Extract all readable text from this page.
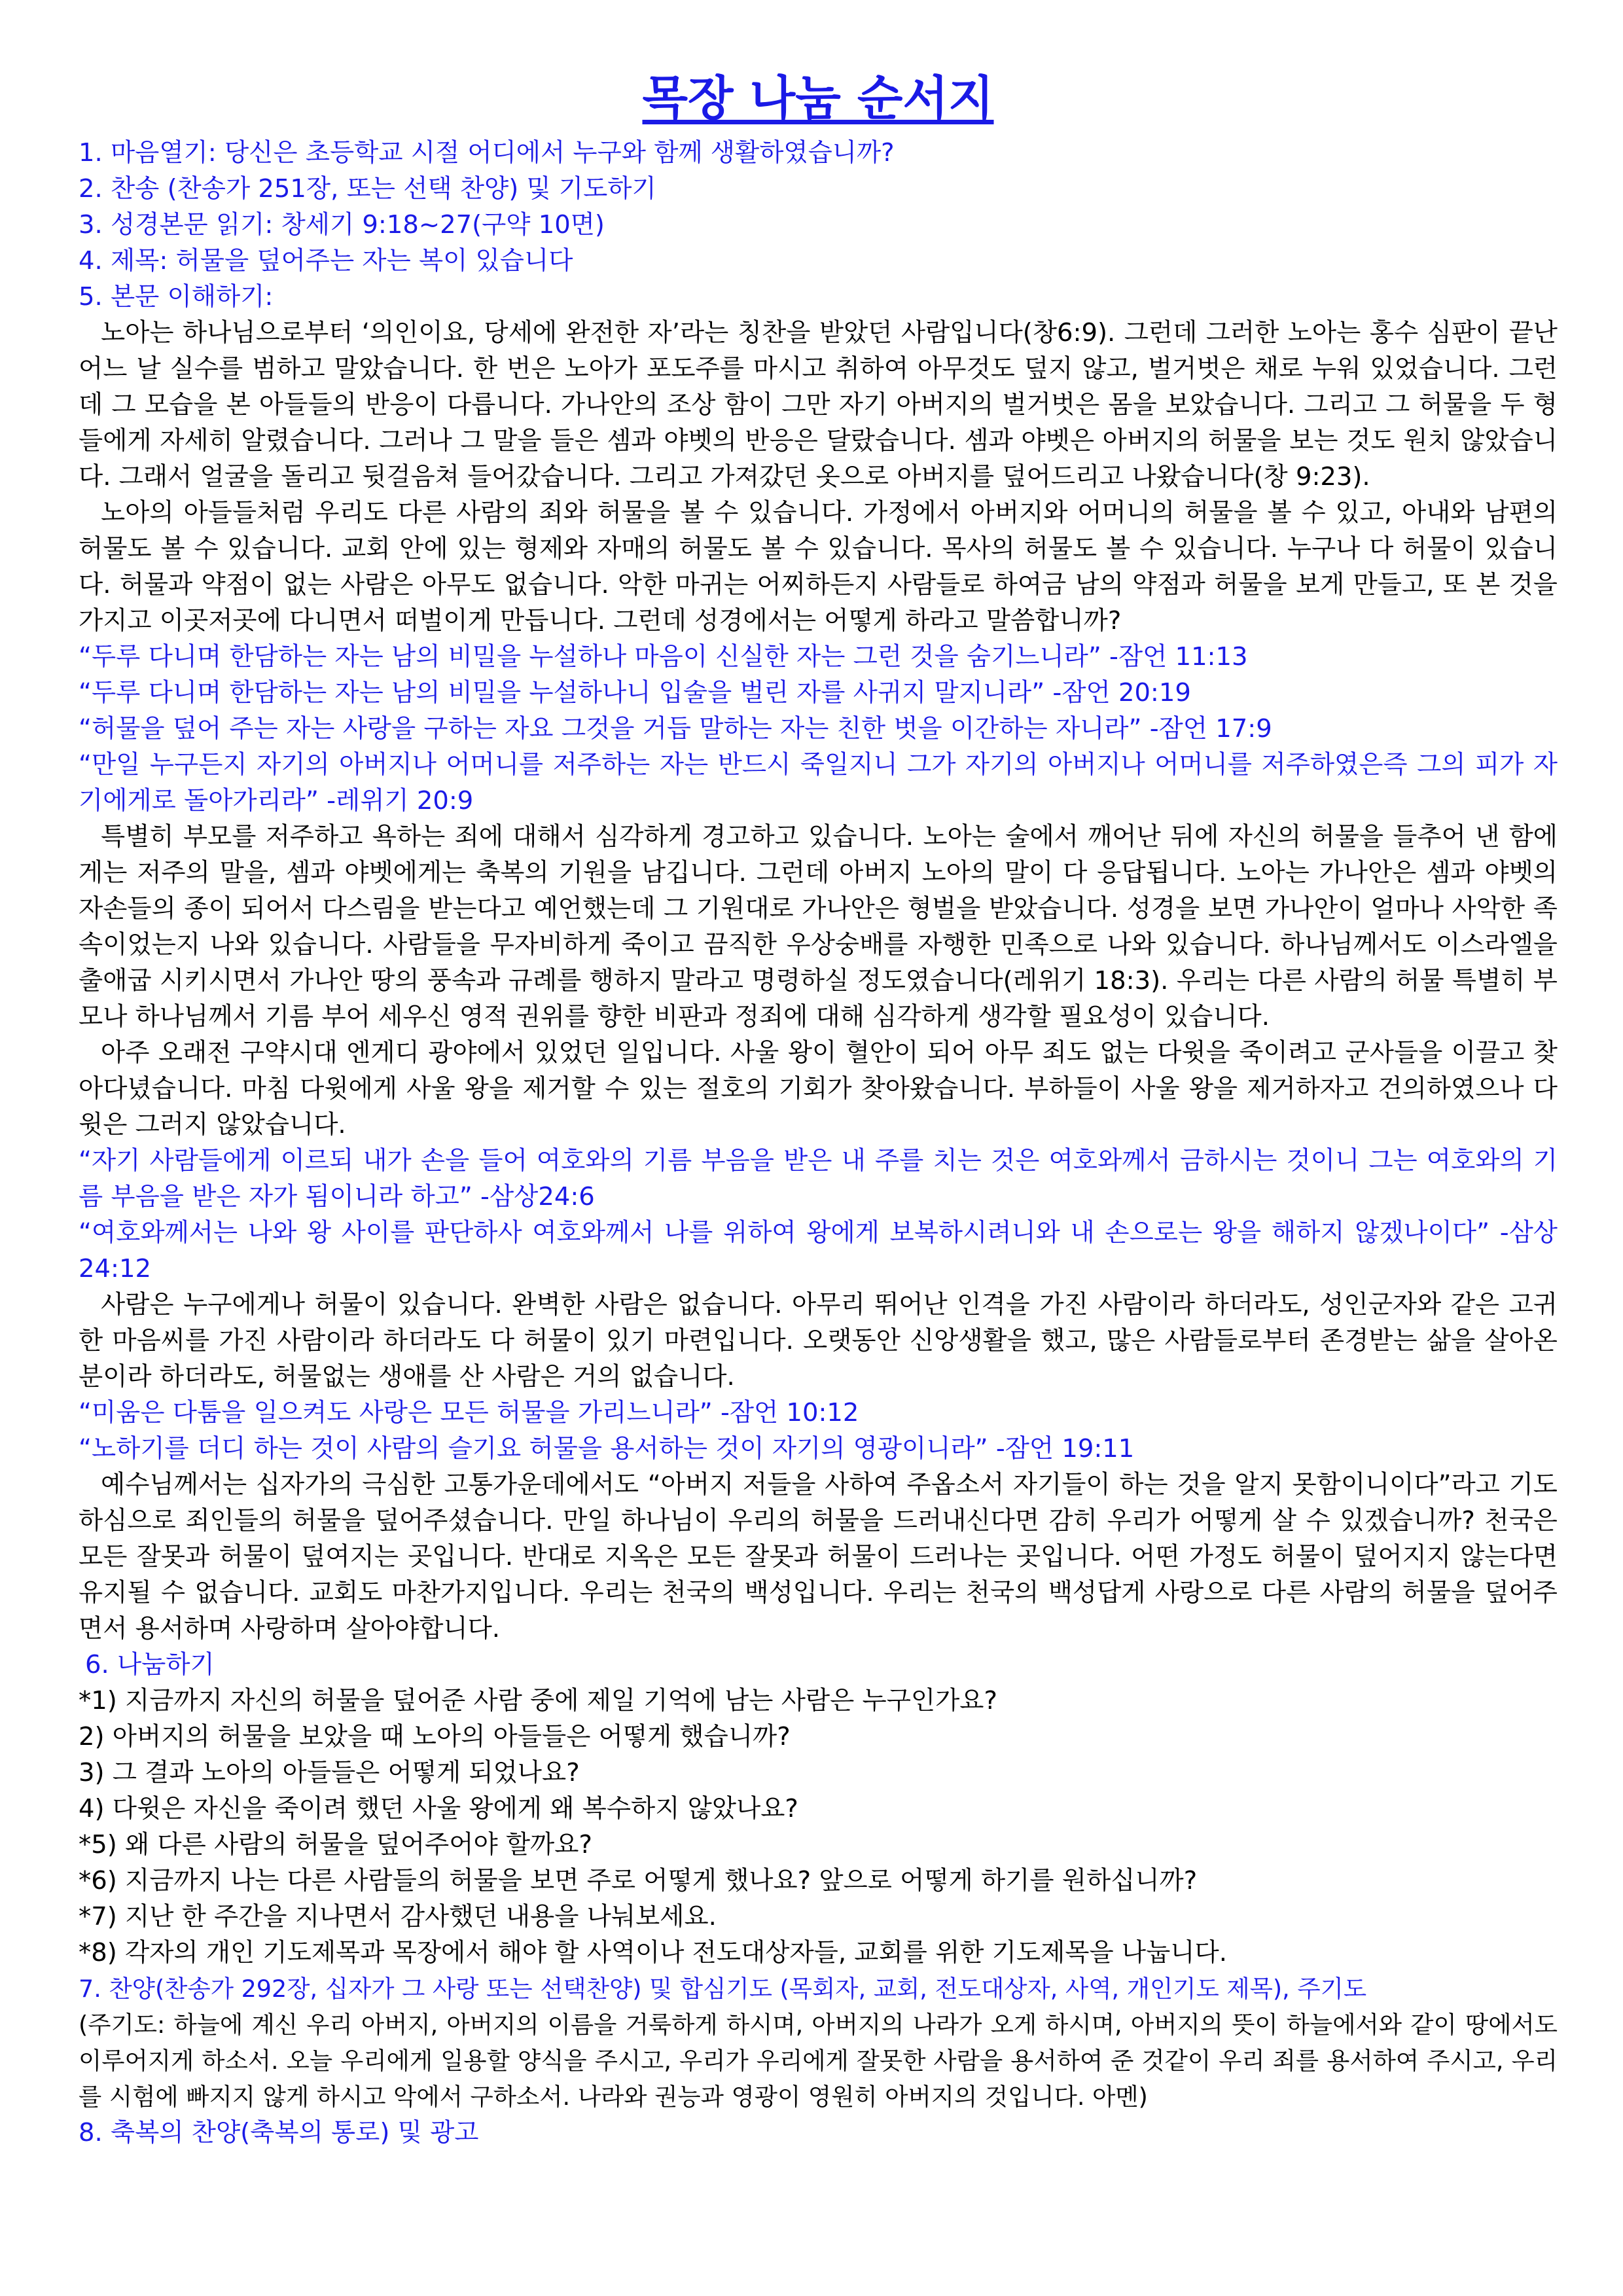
목장 나눔 순서지
1. 마음열기: 당신은 초등학교 시절 어디에서 누구와 함께 생활하였습니까?
2. 찬송 (찬송가 251장, 또는 선택 찬양) 및 기도하기
3. 성경본문 읽기: 창세기 9:18~27(구약 10면)
4. 제목: 허물을 덮어주는 자는 복이 있습니다
5. 본문 이해하기:

노아는 하나님으로부터 ‘의인이요, 당세에 완전한 자’라는 칭찬을 받았던 사람입니다(창6:9). 그런데 그러한 노아는 홍수 심판이 끝난 어느 날 실수를 범하고 말았습니다. 한 번은 노아가 포도주를 마시고 취하여 아무것도 덮지 않고, 벌거벗은 채로 누워 있었습니다. 그런데 그 모습을 본 아들들의 반응이 다릅니다. 가나안의 조상 함이 그만 자기 아버지의 벌거벗은 몸을 보았습니다. 그리고 그 허물을 두 형들에게 자세히 알렸습니다. 그러나 그 말을 들은 셈과 야벳의 반응은 달랐습니다. 셈과 야벳은 아버지의 허물을 보는 것도 원치 않았습니다. 그래서 얼굴을 돌리고 뒷걸음쳐 들어갔습니다. 그리고 가져갔던 옷으로 아버지를 덮어드리고 나왔습니다(창 9:23).

노아의 아들들처럼 우리도 다른 사람의 죄와 허물을 볼 수 있습니다. 가정에서 아버지와 어머니의 허물을 볼 수 있고, 아내와 남편의 허물도 볼 수 있습니다. 교회 안에 있는 형제와 자매의 허물도 볼 수 있습니다. 목사의 허물도 볼 수 있습니다. 누구나 다 허물이 있습니다. 허물과 약점이 없는 사람은 아무도 없습니다. 악한 마귀는 어찌하든지 사람들로 하여금 남의 약점과 허물을 보게 만들고, 또 본 것을 가지고 이곳저곳에 다니면서 떠벌이게 만듭니다. 그런데 성경에서는 어떻게 하라고 말씀합니까?

“두루 다니며 한담하는 자는 남의 비밀을 누설하나 마음이 신실한 자는 그런 것을 숨기느니라” -잠언 11:13

“두루 다니며 한담하는 자는 남의 비밀을 누설하나니 입술을 벌린 자를 사귀지 말지니라” -잠언 20:19

“허물을 덮어 주는 자는 사랑을 구하는 자요 그것을 거듭 말하는 자는 친한 벗을 이간하는 자니라” -잠언 17:9

“만일 누구든지 자기의 아버지나 어머니를 저주하는 자는 반드시 죽일지니 그가 자기의 아버지나 어머니를 저주하였은즉 그의 피가 자기에게로 돌아가리라” -레위기 20:9

특별히 부모를 저주하고 욕하는 죄에 대해서 심각하게 경고하고 있습니다. 노아는 술에서 깨어난 뒤에 자신의 허물을 들추어 낸 함에게는 저주의 말을, 셈과 야벳에게는 축복의 기원을 남깁니다. 그런데 아버지 노아의 말이 다 응답됩니다. 노아는 가나안은 셈과 야벳의 자손들의 종이 되어서 다스림을 받는다고 예언했는데 그 기원대로 가나안은 형벌을 받았습니다. 성경을 보면 가나안이 얼마나 사악한 족속이었는지 나와 있습니다. 사람들을 무자비하게 죽이고 끔직한 우상숭배를 자행한 민족으로 나와 있습니다. 하나님께서도 이스라엘을 출애굽 시키시면서 가나안 땅의 풍속과 규례를 행하지 말라고 명령하실 정도였습니다(레위기 18:3). 우리는 다른 사람의 허물 특별히 부모나 하나님께서 기름 부어 세우신 영적 권위를 향한 비판과 정죄에 대해 심각하게 생각할 필요성이 있습니다.

아주 오래전 구약시대 엔게디 광야에서 있었던 일입니다. 사울 왕이 혈안이 되어 아무 죄도 없는 다윗을 죽이려고 군사들을 이끌고 찾아다녔습니다. 마침 다윗에게 사울 왕을 제거할 수 있는 절호의 기회가 찾아왔습니다. 부하들이 사울 왕을 제거하자고 건의하였으나 다윗은 그러지 않았습니다.

“자기 사람들에게 이르되 내가 손을 들어 여호와의 기름 부음을 받은 내 주를 치는 것은 여호와께서 금하시는 것이니 그는 여호와의 기름 부음을 받은 자가 됨이니라 하고” -삼상24:6

“여호와께서는 나와 왕 사이를 판단하사 여호와께서 나를 위하여 왕에게 보복하시려니와 내 손으로는 왕을 해하지 않겠나이다” -삼상24:12

사람은 누구에게나 허물이 있습니다. 완벽한 사람은 없습니다. 아무리 뛰어난 인격을 가진 사람이라 하더라도, 성인군자와 같은 고귀한 마음씨를 가진 사람이라 하더라도 다 허물이 있기 마련입니다. 오랫동안 신앙생활을 했고, 많은 사람들로부터 존경받는 삶을 살아온 분이라 하더라도, 허물없는 생애를 산 사람은 거의 없습니다.

“미움은 다툼을 일으켜도 사랑은 모든 허물을 가리느니라” -잠언 10:12

“노하기를 더디 하는 것이 사람의 슬기요 허물을 용서하는 것이 자기의 영광이니라” -잠언 19:11

예수님께서는 십자가의 극심한 고통가운데에서도 “아버지 저들을 사하여 주옵소서 자기들이 하는 것을 알지 못함이니이다”라고 기도하심으로 죄인들의 허물을 덮어주셨습니다. 만일 하나님이 우리의 허물을 드러내신다면 감히 우리가 어떻게 살 수 있겠습니까? 천국은 모든 잘못과 허물이 덮여지는 곳입니다. 반대로 지옥은 모든 잘못과 허물이 드러나는 곳입니다. 어떤 가정도 허물이 덮어지지 않는다면 유지될 수 없습니다. 교회도 마찬가지입니다. 우리는 천국의 백성입니다. 우리는 천국의 백성답게 사랑으로 다른 사람의 허물을 덮어주면서 용서하며 사랑하며 살아야합니다.

6. 나눔하기
*1) 지금까지 자신의 허물을 덮어준 사람 중에 제일 기억에 남는 사람은 누구인가요?
2) 아버지의 허물을 보았을 때 노아의 아들들은 어떻게 했습니까?
3) 그 결과 노아의 아들들은 어떻게 되었나요?
4) 다윗은 자신을 죽이려 했던 사울 왕에게 왜 복수하지 않았나요?
*5) 왜 다른 사람의 허물을 덮어주어야 할까요?
*6) 지금까지 나는 다른 사람들의 허물을 보면 주로 어떻게 했나요? 앞으로 어떻게 하기를 원하십니까?
*7) 지난 한 주간을 지나면서 감사했던 내용을 나눠보세요.
*8) 각자의 개인 기도제목과 목장에서 해야 할 사역이나 전도대상자들, 교회를 위한 기도제목을 나눕니다.
7. 찬양(찬송가 292장, 십자가 그 사랑 또는 선택찬양) 및 합심기도 (목회자, 교회, 전도대상자, 사역, 개인기도 제목), 주기도

(주기도: 하늘에 계신 우리 아버지, 아버지의 이름을 거룩하게 하시며, 아버지의 나라가 오게 하시며, 아버지의 뜻이 하늘에서와 같이 땅에서도 이루어지게 하소서. 오늘 우리에게 일용할 양식을 주시고, 우리가 우리에게 잘못한 사람을 용서하여 준 것같이 우리 죄를 용서하여 주시고, 우리를 시험에 빠지지 않게 하시고 악에서 구하소서. 나라와 권능과 영광이 영원히 아버지의 것입니다. 아멘)

8. 축복의 찬양(축복의 통로) 및 광고
